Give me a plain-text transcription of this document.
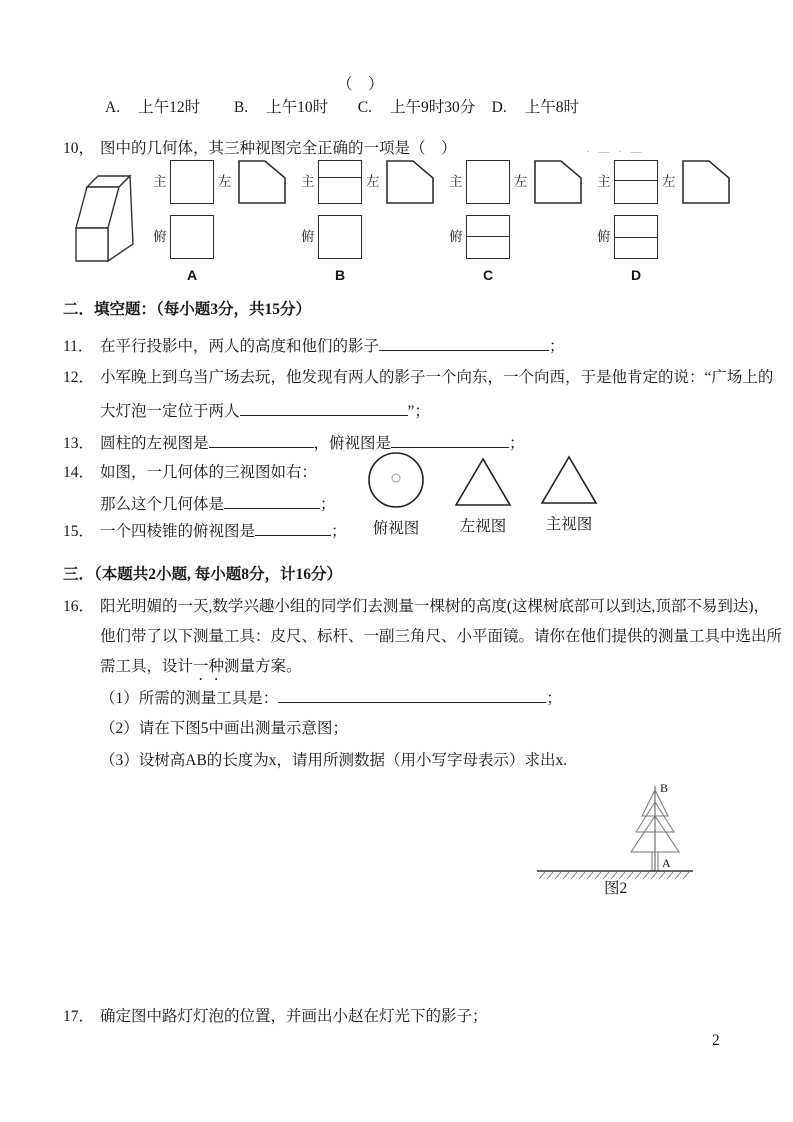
（　）
A. 上午12时 B. 上午10时 C. 上午9时30分 D. 上午8时
10， 图中的几何体，其三种视图完全正确的一项是（　）	· — · —
主	左
俯
A
主	左
俯
B
主	左
俯
C
主	左
俯
D
二．填空题：（每小题3分，共15分）
11． 在平行投影中，两人的高度和他们的影子	；
12． 小军晚上到乌当广场去玩，他发现有两人的影子一个向东，一个向西，于是他肯定的说：“广场上的
大灯泡一定位于两人	”；
13． 圆柱的左视图是	，俯视图是	；
14． 如图，一几何体的三视图如右：
那么这个几何体是	；
俯视图	左视图	主视图
15． 一个四棱锥的俯视图是	；
三．（本题共2小题, 每小题8分，计16分）
16． 阳光明媚的一天,数学兴趣小组的同学们去测量一棵树的高度(这棵树底部可以到达,顶部不易到达)，
他们带了以下测量工具：皮尺、标杆、一副三角尺、小平面镜。请你在他们提供的测量工具中选出所
需工具，设计一种测量方案。
（1）所需的测量工具是：	；
（2）请在下图5中画出测量示意图；
（3）设树高AB的长度为x，请用所测数据（用小写字母表示）求出x.
B
A
图2
17． 确定图中路灯灯泡的位置，并画出小赵在灯光下的影子；
2
